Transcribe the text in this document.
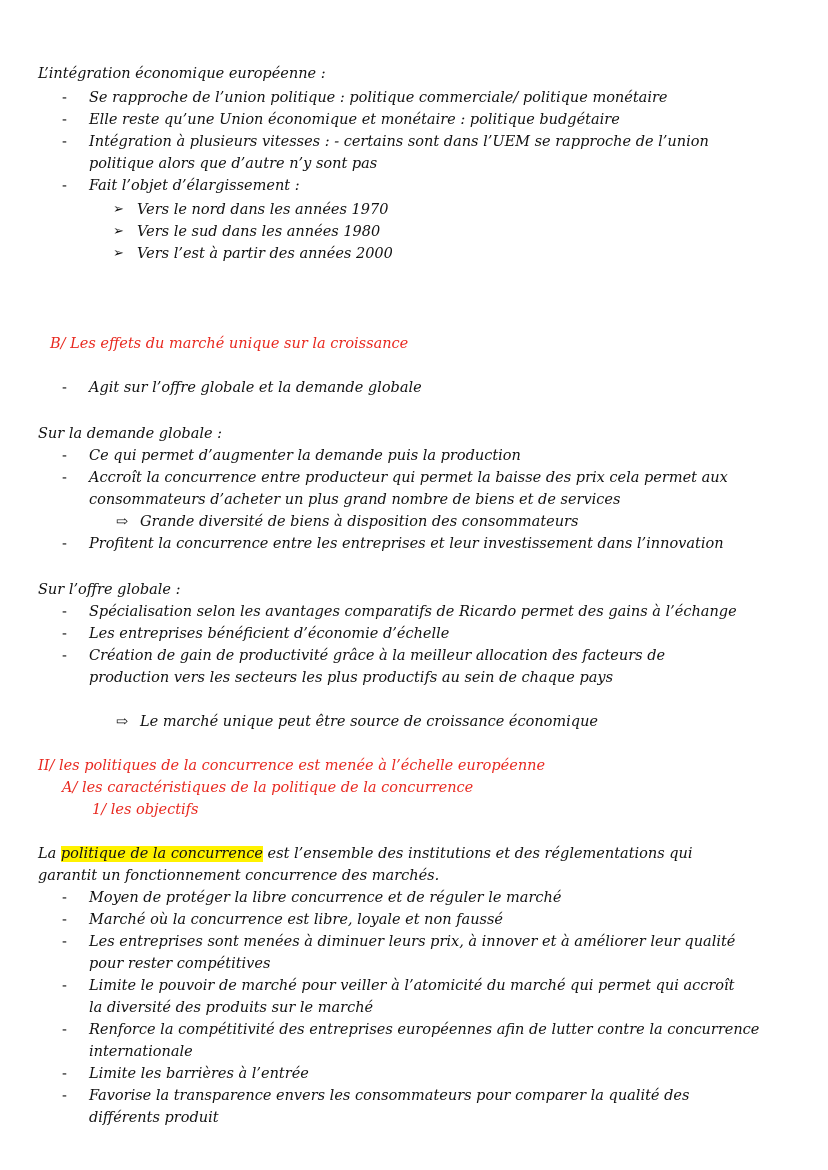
L’intégration économique européenne :
- Se rapproche de l’union politique : politique commerciale/ politique monétaire
- Elle reste qu’une Union économique et monétaire : politique budgétaire
- Intégration à plusieurs vitesses : - certains sont dans l’UEM se rapproche de l’union
politique alors que d’autre n’y sont pas
- Fait l’objet d’élargissement :
➢ Vers le nord dans les années 1970
➢ Vers le sud dans les années 1980
➢ Vers l’est à partir des années 2000
B/ Les effets du marché unique sur la croissance
- Agit sur l’offre globale et la demande globale
Sur la demande globale :
- Ce qui permet d’augmenter la demande puis la production
- Accroît la concurrence entre producteur qui permet la baisse des prix cela permet aux
consommateurs d’acheter un plus grand nombre de biens et de services
⇨ Grande diversité de biens à disposition des consommateurs
- Profitent la concurrence entre les entreprises et leur investissement dans l’innovation
Sur l’offre globale :
- Spécialisation selon les avantages comparatifs de Ricardo permet des gains à l’échange
- Les entreprises bénéficient d’économie d’échelle
- Création de gain de productivité grâce à la meilleur allocation des facteurs de
production vers les secteurs les plus productifs au sein de chaque pays
⇨ Le marché unique peut être source de croissance économique
II/ les politiques de la concurrence est menée à l’échelle européenne
A/ les caractéristiques de la politique de la concurrence
1/ les objectifs
La politique de la concurrence est l’ensemble des institutions et des réglementations qui
garantit un fonctionnement concurrence des marchés.
- Moyen de protéger la libre concurrence et de réguler le marché
- Marché où la concurrence est libre, loyale et non faussé
- Les entreprises sont menées à diminuer leurs prix, à innover et à améliorer leur qualité
pour rester compétitives
- Limite le pouvoir de marché pour veiller à l’atomicité du marché qui permet qui accroît
la diversité des produits sur le marché
- Renforce la compétitivité des entreprises européennes afin de lutter contre la concurrence
internationale
- Limite les barrières à l’entrée
- Favorise la transparence envers les consommateurs pour comparer la qualité des
différents produit
